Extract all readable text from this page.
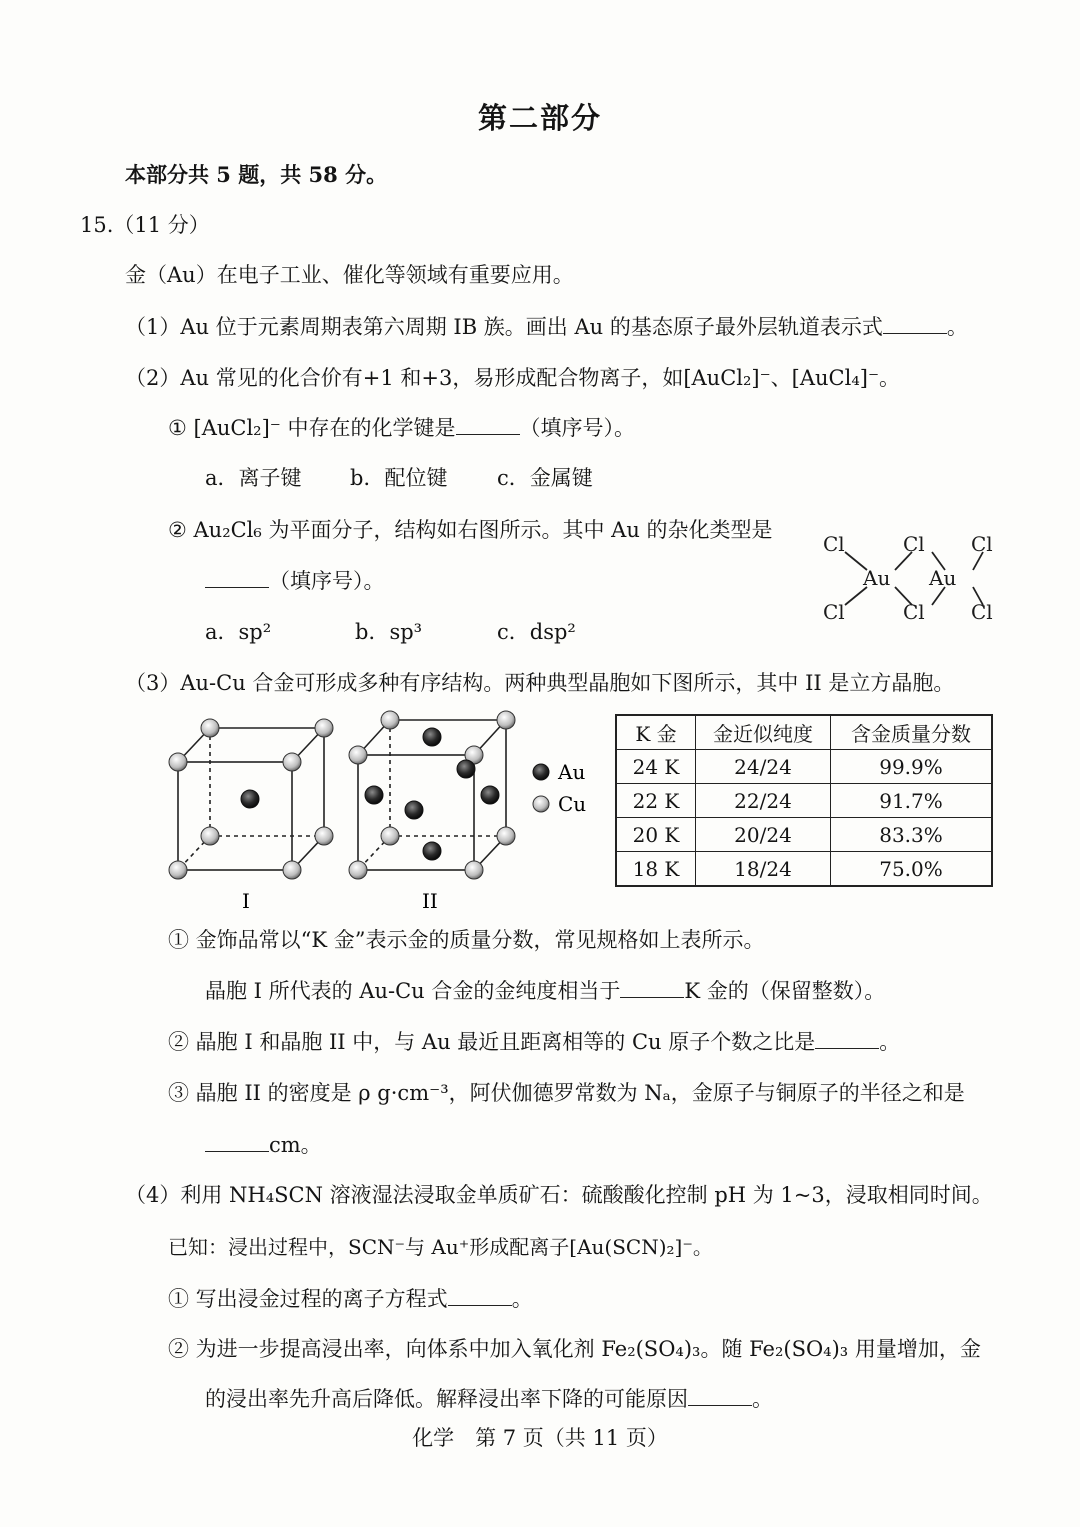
第二部分
本部分共 5 题，共 58 分。
15.（11 分）
金（Au）在电子工业、催化等领域有重要应用。
（1）Au 位于元素周期表第六周期 IB 族。画出 Au 的基态原子最外层轨道表示式	。
（2）Au 常见的化合价有+1 和+3，易形成配合物离子，如[AuCl₂]⁻、[AuCl₄]⁻。
① [AuCl₂]⁻ 中存在的化学键是	（填序号）。
a．离子键 b．配位键 c．金属键
② Au₂Cl₆ 为平面分子，结构如右图所示。其中 Au 的杂化类型是
（填序号）。
a．sp²	b．sp³	c．dsp²
Cl	Cl Cl
Au Au
Cl	Cl Cl
（3）Au-Cu 合金可形成多种有序结构。两种典型晶胞如下图所示，其中 II 是立方晶胞。
I	II
Au
Cu
K 金	金近似纯度	含金质量分数
24 K	24/24	99.9%
22 K	22/24	91.7%
20 K	20/24	83.3%
18 K	18/24	75.0%
① 金饰品常以“K 金”表示金的质量分数，常见规格如上表所示。
晶胞 I 所代表的 Au-Cu 合金的金纯度相当于	K 金的（保留整数）。
② 晶胞 I 和晶胞 II 中，与 Au 最近且距离相等的 Cu 原子个数之比是	。
③ 晶胞 II 的密度是 ρ g·cm⁻³，阿伏伽德罗常数为 Nₐ，金原子与铜原子的半径之和是
cm。
（4）利用 NH₄SCN 溶液湿法浸取金单质矿石：硫酸酸化控制 pH 为 1~3，浸取相同时间。
已知：浸出过程中，SCN⁻与 Au⁺形成配离子[Au(SCN)₂]⁻。
① 写出浸金过程的离子方程式	。
② 为进一步提高浸出率，向体系中加入氧化剂 Fe₂(SO₄)₃。随 Fe₂(SO₄)₃ 用量增加，金
的浸出率先升高后降低。解释浸出率下降的可能原因	。
化学　第 7 页（共 11 页）
